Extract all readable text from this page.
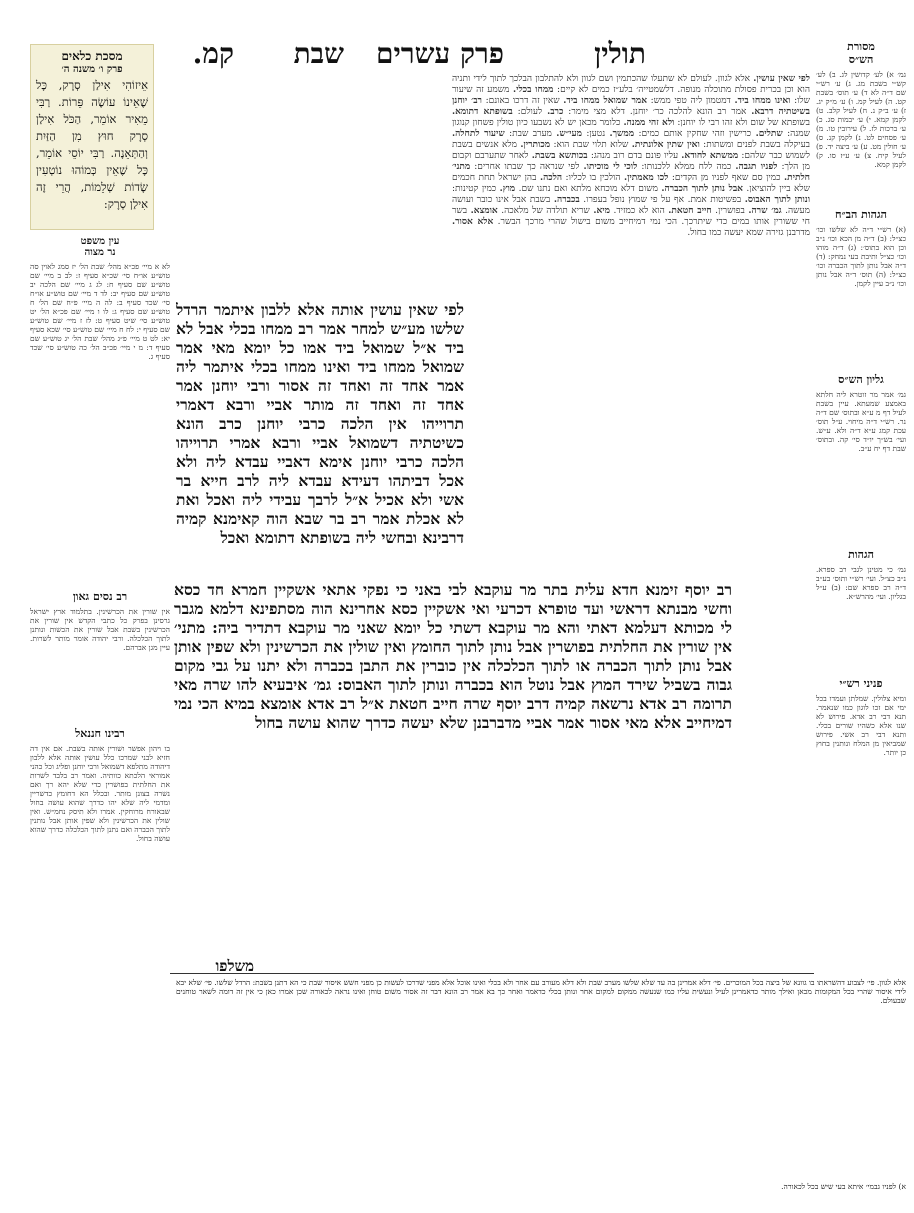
תולין
פרק עשרים
שבת
קמ.	מסורת
הש״ס
גמ׳ א) לע׳ קדושין לג. ב) לע׳ קש״י בשבת מג. ג) ע׳ רש״י שם ד״ה לא ד) ע׳ תוס׳ בשבת קט. ה) לעיל קמ. ו) ע׳ מ״ק יג. ז) ע׳ ב״ק נ. ח) לעיל קלב. ט) לקמן קמא. י) ע׳ יבמות סג. כ) ע׳ ברכות לז. ל) עירובין טו. מ) ע׳ פסחים לט. נ) לקמן קנ. ס) ע׳ חולין מט. ע) ע׳ ביצה יד. פ) לעיל קיח. צ) ע׳ ע״ז סו. ק) לקמן קמא.
הגהות הב״ח
(א) רש״י ד״ה לא שלשו וכו׳ כצ״ל: (ב) ד״ה מן הכא וכו׳ נ״ב וכן הוא בתוס׳: (ג) ד״ה מוהו וכו׳ כצ״ל ותיבת בעי נמחק: (ד) ד״ה אבל נותן לתוך הכברה וכו׳ כצ״ל: (ה) תוס׳ ד״ה אבל נותן וכו׳ נ״ב עיין לקמן.
גליון הש״ס
גמ׳ אמר מר זוטרא ליה חלתא באמצע שמעתא. עיין בשבת לעיל דף מ ע״א ובתוס׳ שם ד״ה נר. רש״י ד״ה מיחוי. ע״ל תוס׳ עכת קמג ע״א ד״ה ולא. ע״ש. ועי׳ בש״ך יו״ד סי׳ קה. ובתוס׳ שבת דף יח ע״ב.
הגהות
גמ׳ כי מטינן לגבי רב ספרא. נ״ב כצ״ל. ועי׳ רש״י ותוס׳ בע״ב ד״ה רב ספרא שם: (ב) ע״ל בגליון. ועי׳ מהרש״א.
פניני רש״י
ומיא צלולין. שמלתן ועמדו בכל ימי אם זכו לוגון כמו שנאמר. תנא דבי רב אדא. פירוש לא שנו אלא כשהיו שורים בכלי. ותנא דבי רב אשי. פירוש שמביאין מן המלח ונותנין בחוץ כן יותר.
מסכת כלאים
פרק ו׳ משנה ה׳
אֵיזוֹהִי אִילַן סְרָק, כָּל שֶׁאֵינוֹ עוֹשֶׂה פֵּרוֹת. רַבִּי מֵאִיר אוֹמֵר, הַכֹּל אִילַן סְרָק חוּץ מִן הַזַּיִת וְהַתְּאֵנָה. רַבִּי יוֹסֵי אוֹמֵר, כָּל שֶׁאֵין כְּמוֹהוּ נוֹטְעִין שָׂדוֹת שְׁלֵמוֹת, הֲרֵי זֶה אִילַן סְרָק:
עין משפט
נר מצוה
לא א מיי׳ פכ״א מהל׳ שבת הל׳ יז סמג לאוין סה טוש״ע או״ח סי׳ שכ״א סעיף ז: לב ב מיי׳ שם טוש״ע שם סעיף ח: לג ג מיי׳ שם הלכה יב טוש״ע שם סעיף יב: לד ד מיי׳ שם טוש״ע או״ח סי׳ שכד סעיף ב: לה ה מיי׳ פ״ח שם הל׳ ח טוש״ע שם סעיף ג: לו ו מיי׳ שם פכ״א הל׳ יט טוש״ע סי׳ שיט סעיף ט: לז ז מיי׳ שם טוש״ע שם סעיף י: לח ח מיי׳ שם טוש״ע סי׳ שכא סעיף יא: לט ט מיי׳ פ״ג מהל׳ שבת הל׳ יג טוש״ע שם סעיף ד: מ י מיי׳ פכ״ב הל׳ כה טוש״ע סי׳ שכד סעיף ג.
רב נסים גאון
אין שורין את הכרשינין. בתלמוד ארץ ישראל גרסינן בפרק כל כתבי הקדש אין שורין את הכרשינין בשבת אבל שורין את הכשות ונותנן לתוך הכלכלה. ורבי יהודה אומר מותר לשרות. עיין מגן אברהם.
רבינו חננאל
בו ויהון אפשר ושורין אותה בשבת. אם אין דה חזיא לבני שמרכו כלל עושין אותה אלא ללבון דיהודה מתלפא דשמואל ורבי יוחנן ופליג וכל כהני אמוראי הלכתא כוותיה. ואמר רב בלבד לשרות את החלתית בפושרין כדי שלא יהא רך ואם נשרה בצונן מותר. ובכלל הא דחומץ כדשריין ומדמי ליה שלא יהו כדרך שהוא עושה בחול שבאורח מרוחקין. אמרו ולא תיסק נחמ״ש. ואין שולין את הכרשינין ולא שפין אותן אבל נותנין לתוך הכברה ואם נתנן לתוך הכלכלה כדרך שהוא עושה בחול.
לפי שאין עושין. אלא לגוון. לעולם לא שתעלו שהכתמין ושם לגוון ולא להתלבון הבלכך לתוך לידי ותניה הוא וכן בכרית פסולת מתוכלה מנופה. דלשמטייה׳ בלע״ז כמים לא קיים: ממחו בכלי. משמע זה שיעור שלו: ואינו ממחו ביד. דמטמון ליה טפי ממש: אמר שמואל ממחו ביד. שאין זה דרכו באונם: רב׳ יוחנן בשיטתיה דרבא. אמר רב הונא להלכה כר׳ יוחנן. דלא מצי מימר: כרב. לעולם: בשופתא דתומא. בשופתא של שום ולא זהו רבי לו יוחנן: ולא זהי ממנה. כלומר מכאן יש לא נשבעו כיון טולין פשחון קנוגון שמנה: שתלים. כרישין וזהי שחקין אותם כמים: ממשך. נטען: מעי״ש. מערב שבת: שיעור לתחלה. בעיקלה בשבת לפנים ומשתות: ואין שתין אלונתית. שלוא תלוי שבת הוא: מכותרין. מלא אנשים בשבת לשמוש כבר שלהם: ממשתא לחודא. עליו פונם בדם רוב מנהג: בכותשא בשבת. לאחר שתערבם וקבום מן הלך: לפניו תגבה. כמה ללח ממלא ללכנותו: לוכי לי מוכיתו. לפי שנראה כך שבתו אחרים: מתני׳ חלתית. כמין סם שאף לפניו מן הקדים: לכו מאמתין. הולכין בו לכליו: הלכה. בהן ישראל תחת חכמים שלא ביין להוציאן. אבל נותן לתוך הכברה. משום דלא מוכחא מלתא ואם נתנו שם. מוץ. כמין קטינות: ונותן לתוך האבוס. בפשיטות אמת. אף על פי שמוץ נופל בעפרו. בכברה. בשבת אבל אינו כובר ועושה מעשה. גמ׳ שרה. בפושרין. חייב חטאת. הוא לא כמזיד. מיא. שריא תולדה של מלאכה. אומצא. בשר חי ששורין אותו במים כדי שיתרכך. הכי נמי דמיחייב משום בישול שהרי מרכך הבשר. אלא אסור. מדרבנן גזירה שמא יעשה כמו בחול.
לפי שאין עושין אותה אלא ללבון איתמר הרדל שלשו מע״ש למחר אמר רב ממחו בכלי אבל לא ביד א״ל שמואל ביד אמו כל יומא מאי אמר שמואל ממחו ביד ואינו ממחו בכלי איתמר ליה אמר אחד זה ואחד זה אסור ורבי יוחנן אמר אחד זה ואחד זה מותר אביי ורבא דאמרי תרוייהו אין הלכה כרבי יוחנן כרב הונא כשיטתיה דשמואל אביי ורבא אמרי תרוייהו הלכה כרבי יוחנן אימא דאביי עבדא ליה ולא אכל דביתהו דעידא עבדא ליה לרב חייא בר אשי ולא אכיל א״ל לרבך עבידי ליה ואכל ואת לא אכלת אמר רב בר שבא הוה קאימנא קמיה דרבינא ובחשי ליה בשופתא דתומא ואכל
רב יוסף זימנא חדא עלית בתר מר עוקבא לבי באני כי נפקי אתאי אשקיין חמרא חד כסא וחשי מבנתא דראשי ועד טופרא דכרעי ואי אשקיין כסא אחרינא הוה מסתפינא דלמא מגבר לי מכותא דעלמא דאתי והא מר עוקבא דשתי כל יומא שאני מר עוקבא דתדיר ביה: מתני׳ אין שורין את החלתית בפושרין אבל נותן לתוך החומץ ואין שולין את הכרשינין ולא שפין אותן אבל נותן לתוך הכברה או לתוך הכלכלה אין כוברין את התבן בכברה ולא יתנו על גבי מקום גבוה בשביל שירד המוץ אבל נוטל הוא בכברה ונותן לתוך האבוס: גמ׳ איבעיא להו שרה מאי תרומה רב אדא נרשאה קמיה דרב יוסף שרה חייב חטאת א״ל רב אדא אומצא במיא הכי נמי דמיחייב אלא מאי אסור אמר אביי מדברבנן שלא יעשה כדרך שהוא עושה בחול
משלפו
אלא לגוון. פי׳ לצבוע דהשראתו בו גוונא של ביצה בכל המוכרים. פי׳ דלא אמרינן בה עד שלא שלשו מערב שבת ולא דלא מעורב עם אחר ולא בכלי ואינו אוכל אלא מפני שדרכו לעשות כן מפני חשש איסור שבת כי הא דתנן בשבת: הרדל שלשו. פי׳ שלא יבא לידי איסור שהרי בכל המקומות מכאן ואילך מותר כדאמרינן לעיל ונעשית עליו כמו שנעשה ממקום למקום אחר ונותן בכלי כדאמר ואחר כך בא אמר רב הונא דבר זה אסור משום טוחן ואינו נראה לכאורה שכן אמרו כאן כי אין זה דומה לשאר טוחנים שבעולם.
א) לפניו גבמי׳ איתא בעי שיש בכל לכאורה.
